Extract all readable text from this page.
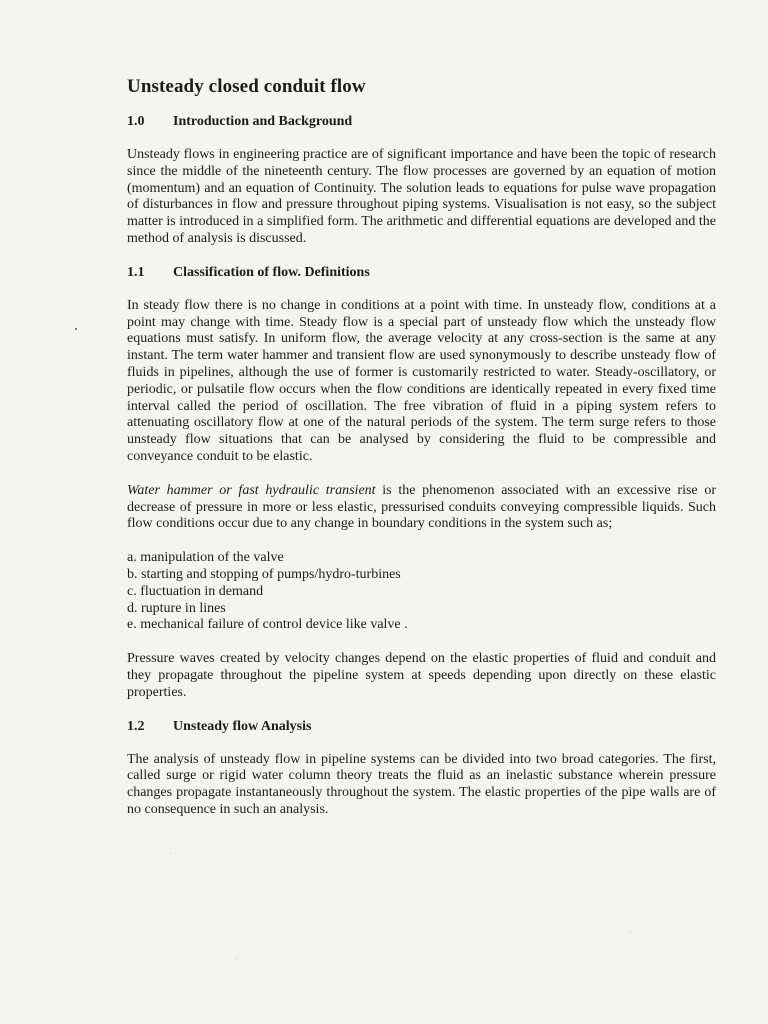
Unsteady closed conduit flow
1.0	Introduction and Background

Unsteady flows in engineering practice are of significant importance and have been the topic of research since the middle of the nineteenth century. The flow processes are governed by an equation of motion (momentum) and an equation of Continuity. The solution leads to equations for pulse wave propagation of disturbances in flow and pressure throughout piping systems. Visualisation is not easy, so the subject matter is introduced in a simplified form. The arithmetic and differential equations are developed and the method of analysis is discussed.

1.1	Classification of flow. Definitions

In steady flow there is no change in conditions at a point with time. In unsteady flow, conditions at a point may change with time. Steady flow is a special part of unsteady flow which the unsteady flow equations must satisfy. In uniform flow, the average velocity at any cross-section is the same at any instant. The term water hammer and transient flow are used synonymously to describe unsteady flow of fluids in pipelines, although the use of former is customarily restricted to water. Steady-oscillatory, or periodic, or pulsatile flow occurs when the flow conditions are identically repeated in every fixed time interval called the period of oscillation. The free vibration of fluid in a piping system refers to attenuating oscillatory flow at one of the natural periods of the system. The term surge refers to those unsteady flow situations that can be analysed by considering the fluid to be compressible and conveyance conduit to be elastic.

Water hammer or fast hydraulic transient is the phenomenon associated with an excessive rise or decrease of pressure in more or less elastic, pressurised conduits conveying compressible liquids. Such flow conditions occur due to any change in boundary conditions in the system such as;

a. manipulation of the valve
b. starting and stopping of pumps/hydro-turbines
c. fluctuation in demand
d. rupture in lines
e. mechanical failure of control device like valve .

Pressure waves created by velocity changes depend on the elastic properties of fluid and conduit and they propagate throughout the pipeline system at speeds depending upon directly on these elastic properties.

1.2	Unsteady flow Analysis

The analysis of unsteady flow in pipeline systems can be divided into two broad categories. The first, called surge or rigid water column theory treats the fluid as an inelastic substance wherein pressure changes propagate instantaneously throughout the system. The elastic properties of the pipe walls are of no consequence in such an analysis.
